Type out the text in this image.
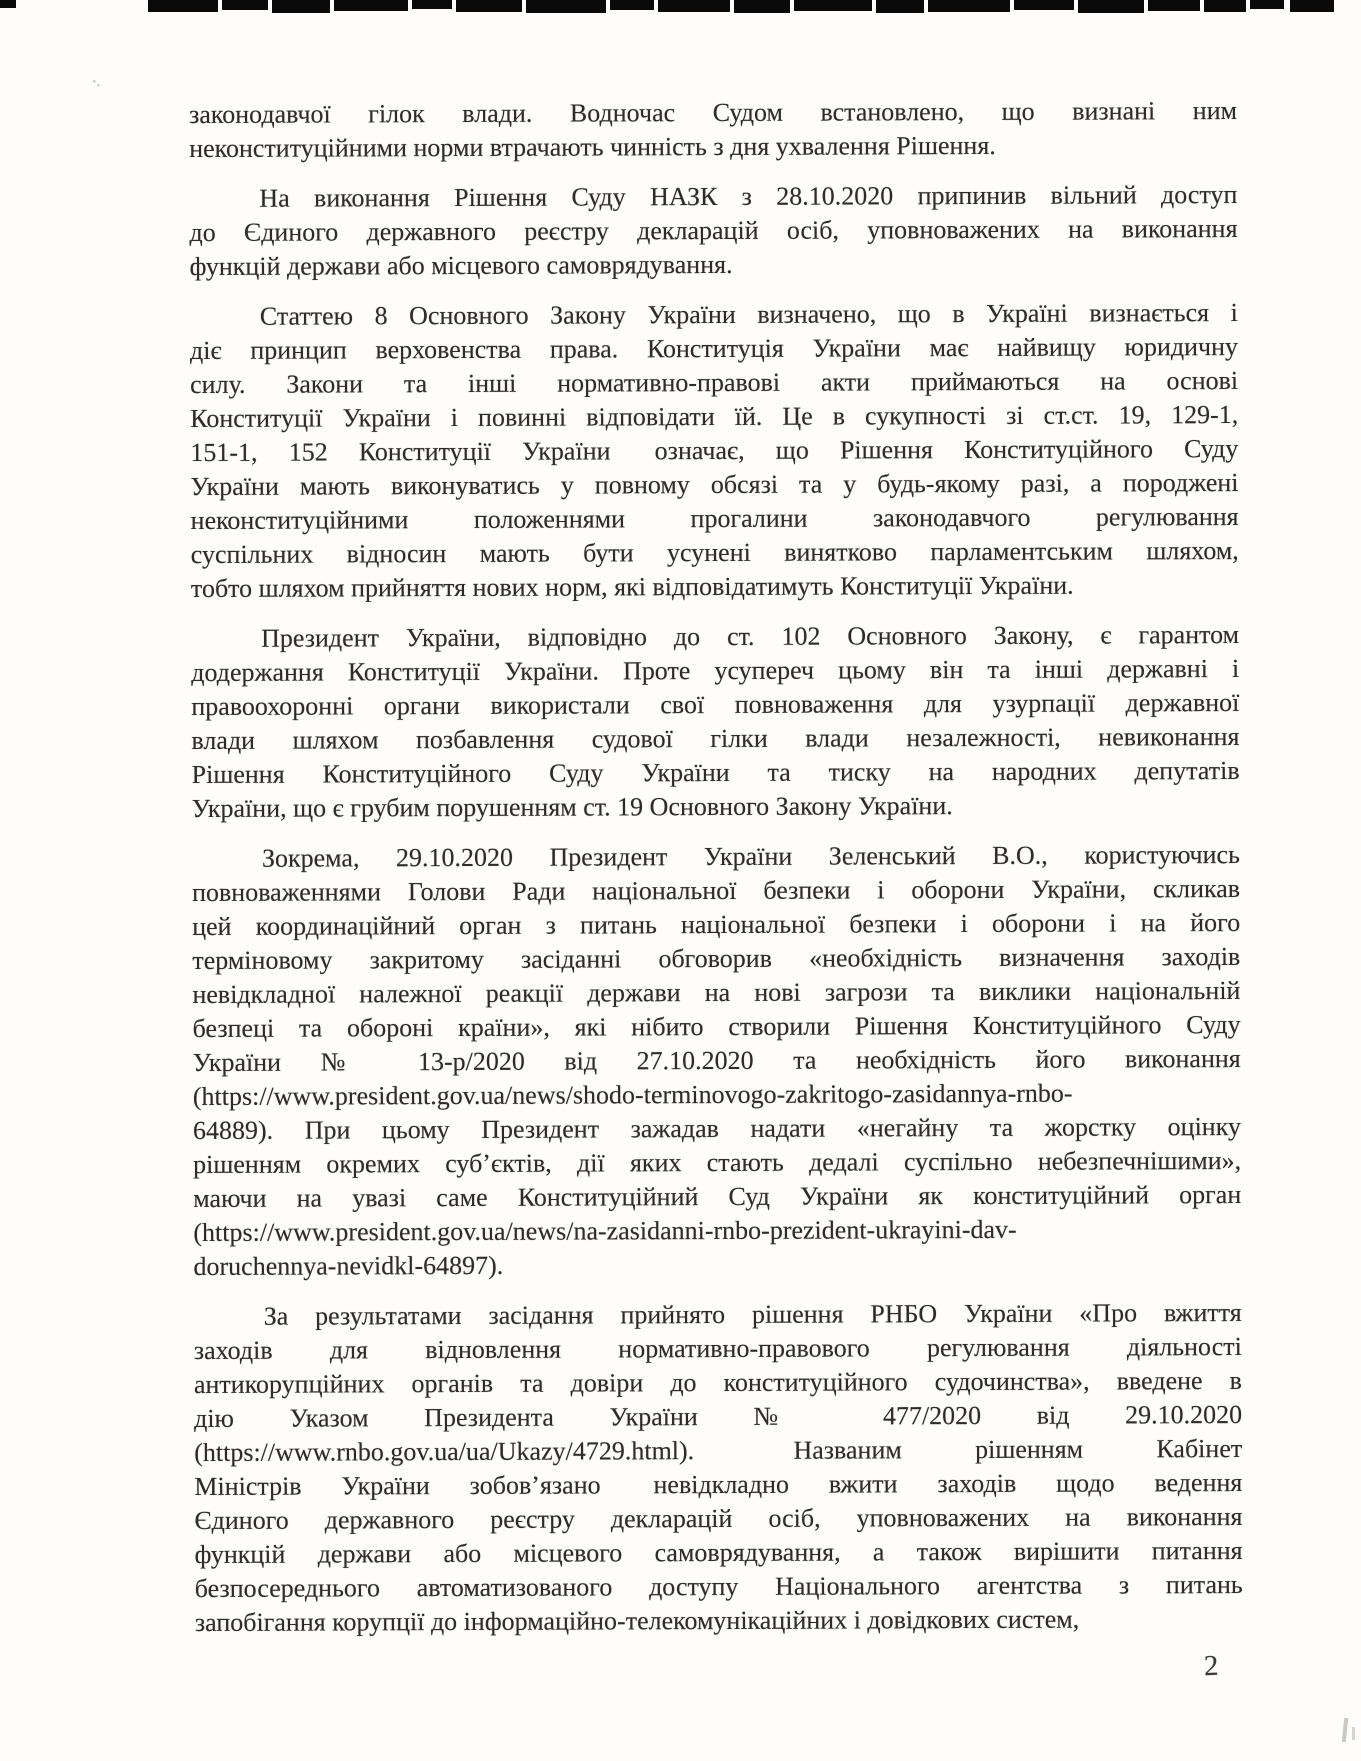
законодавчої гілок влади. Водночас Судом встановлено, що визнані ним
неконституційними норми втрачають чинність з дня ухвалення Рішення.
На виконання Рішення Суду НАЗК з 28.10.2020 припинив вільний доступ
до Єдиного державного реєстру декларацій осіб, уповноважених на виконання
функцій держави або місцевого самоврядування.
Статтею 8 Основного Закону України визначено, що в Україні визнається і
діє принцип верховенства права. Конституція України має найвищу юридичну
силу. Закони та інші нормативно-правові акти приймаються на основі
Конституції України і повинні відповідати їй. Це в сукупності зі ст.ст. 19, 129-1,
151-1, 152 Конституції України  означає, що Рішення Конституційного Суду
України мають виконуватись у повному обсязі та у будь-якому разі, а породжені
неконституційними положеннями прогалини законодавчого регулювання
суспільних відносин мають бути усунені винятково парламентським шляхом,
тобто шляхом прийняття нових норм, які відповідатимуть Конституції України.
Президент України, відповідно до ст. 102 Основного Закону, є гарантом
додержання Конституції України. Проте усупереч цьому він та інші державні і
правоохоронні органи використали свої повноваження для узурпації державної
влади шляхом позбавлення судової гілки влади незалежності, невиконання
Рішення Конституційного Суду України та тиску на народних депутатів
України, що є грубим порушенням ст. 19 Основного Закону України.
Зокрема, 29.10.2020 Президент України Зеленський В.О., користуючись
повноваженнями Голови Ради національної безпеки і оборони України, скликав
цей координаційний орган з питань національної безпеки і оборони і на його
терміновому закритому засіданні обговорив «необхідність визначення заходів
невідкладної належної реакції держави на нові загрози та виклики національній
безпеці та обороні країни», які нібито створили Рішення Конституційного Суду
України № 13-р/2020 від 27.10.2020 та необхідність його виконання
(https://www.president.gov.ua/news/shodo-terminovogo-zakritogo-zasidannya-rnbo-
64889). При цьому Президент зажадав надати «негайну та жорстку оцінку
рішенням окремих суб’єктів, дії яких стають дедалі суспільно небезпечнішими»,
маючи на увазі саме Конституційний Суд України як конституційний орган
(https://www.president.gov.ua/news/na-zasidanni-rnbo-prezident-ukrayini-dav-
doruchennya-nevidkl-64897).
За результатами засідання прийнято рішення РНБО України «Про вжиття
заходів для відновлення нормативно-правового регулювання діяльності
антикорупційних органів та довіри до конституційного судочинства», введене в
дію Указом Президента України № 477/2020 від 29.10.2020
(https://www.rnbo.gov.ua/ua/Ukazy/4729.html).  Названим рішенням Кабінет
Міністрів України зобов’язано  невідкладно вжити заходів щодо ведення
Єдиного державного реєстру декларацій осіб, уповноважених на виконання
функцій держави або місцевого самоврядування, а також вирішити питання
безпосереднього автоматизованого доступу Національного агентства з питань
запобігання корупції до інформаційно-телекомунікаційних і довідкових систем,
2
